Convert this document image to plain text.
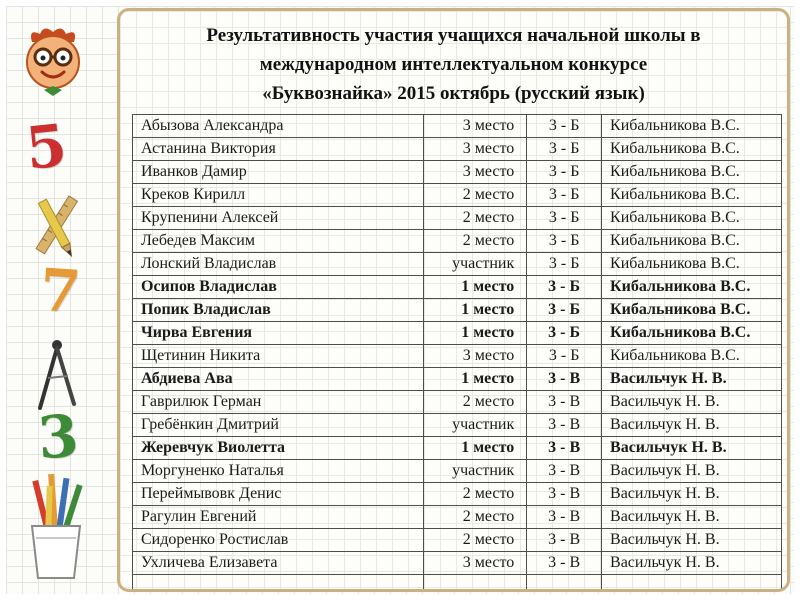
5
7
3
Результативность участия учащихся начальной школы в
международном интеллектуальном конкурсе
«Буквознайка» 2015 октябрь (русский язык)
Абызова Александра	3 место	3 - Б	Кибальникова В.С.
Астанина Виктория	3 место	3 - Б	Кибальникова В.С.
Иванков Дамир	3 место	3 - Б	Кибальникова В.С.
Креков Кирилл	2 место	3 - Б	Кибальникова В.С.
Крупенини Алексей	2 место	3 - Б	Кибальникова В.С.
Лебедев Максим	2 место	3 - Б	Кибальникова В.С.
Лонский Владислав	участник	3 - Б	Кибальникова В.С.
Осипов Владислав	1 место	3 - Б	Кибальникова В.С.
Попик Владислав	1 место	3 - Б	Кибальникова В.С.
Чирва Евгения	1 место	3 - Б	Кибальникова В.С.
Щетинин Никита	3 место	3 - Б	Кибальникова В.С.
Абдиева Ава	1 место	3 - В	Васильчук Н. В.
Гаврилюк Герман	2 место	3 - В	Васильчук Н. В.
Гребёнкин Дмитрий	участник	3 - В	Васильчук Н. В.
Жеревчук Виолетта	1 место	3 - В	Васильчук Н. В.
Моргуненко Наталья	участник	3 - В	Васильчук Н. В.
Переймывовк Денис	2 место	3 - В	Васильчук Н. В.
Рагулин Евгений	2 место	3 - В	Васильчук Н. В.
Сидоренко Ростислав	2 место	3 - В	Васильчук Н. В.
Ухличева Елизавета	3 место	3 - В	Васильчук Н. В.
